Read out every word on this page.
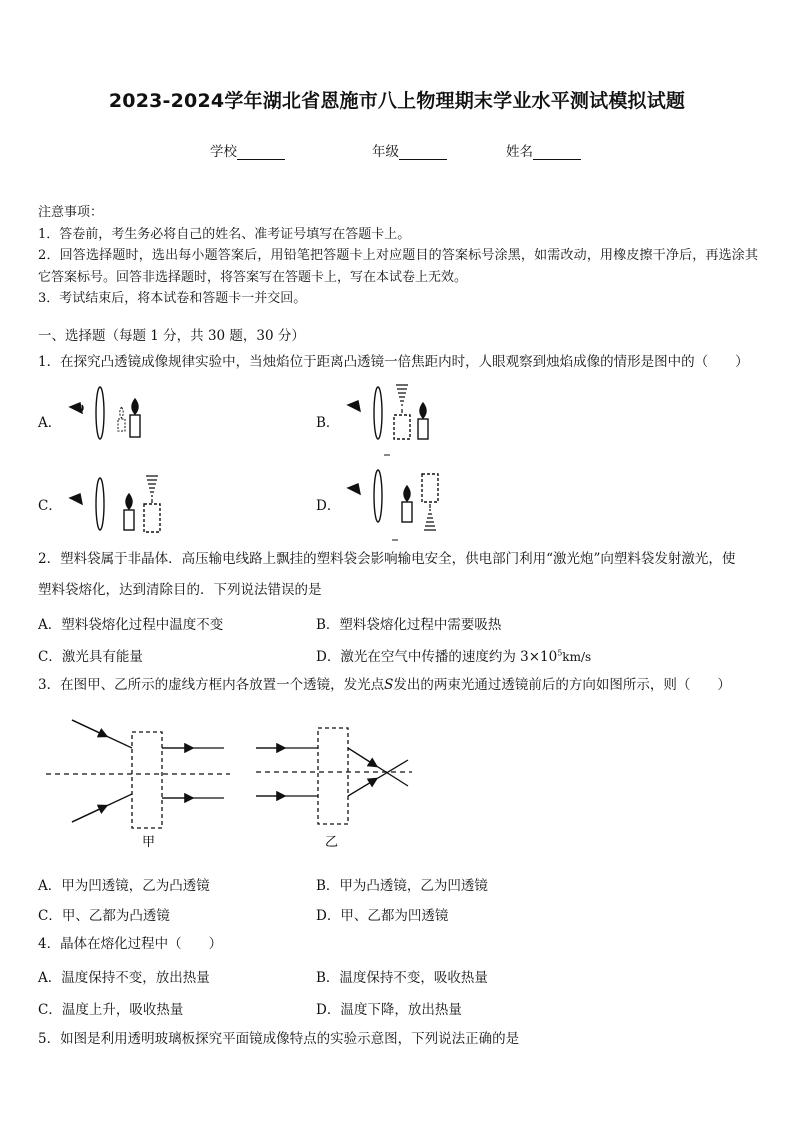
2023-2024学年湖北省恩施市八上物理期末学业水平测试模拟试题
学校	年级	姓名
注意事项：
1．答卷前，考生务必将自己的姓名、准考证号填写在答题卡上。
2．回答选择题时，选出每小题答案后，用铅笔把答题卡上对应题目的答案标号涂黑，如需改动，用橡皮擦干净后，再选涂其它答案标号。回答非选择题时，将答案写在答题卡上，写在本试卷上无效。
3．考试结束后，将本试卷和答题卡一并交回。
一、选择题（每题 1 分，共 30 题，30 分）
1．在探究凸透镜成像规律实验中，当烛焰位于距离凸透镜一倍焦距内时，人眼观察到烛焰成像的情形是图中的（　　）
A．	B．
C．	D．
2．塑料袋属于非晶体．高压输电线路上飘挂的塑料袋会影响输电安全，供电部门利用“激光炮”向塑料袋发射激光，使
塑料袋熔化，达到清除目的．下列说法错误的是
A．塑料袋熔化过程中温度不变	B．塑料袋熔化过程中需要吸热
C．激光具有能量	D．激光在空气中传播的速度约为 $3\times 10^5km/s$
3．在图甲、乙所示的虚线方框内各放置一个透镜，发光点S发出的两束光通过透镜前后的方向如图所示，则（　　）
甲	乙
A．甲为凹透镜，乙为凸透镜	B．甲为凸透镜，乙为凹透镜
C．甲、乙都为凸透镜	D．甲、乙都为凹透镜
4．晶体在熔化过程中（　　）
A．温度保持不变，放出热量	B．温度保持不变，吸收热量
C．温度上升，吸收热量	D．温度下降，放出热量
5．如图是利用透明玻璃板探究平面镜成像特点的实验示意图，下列说法正确的是
